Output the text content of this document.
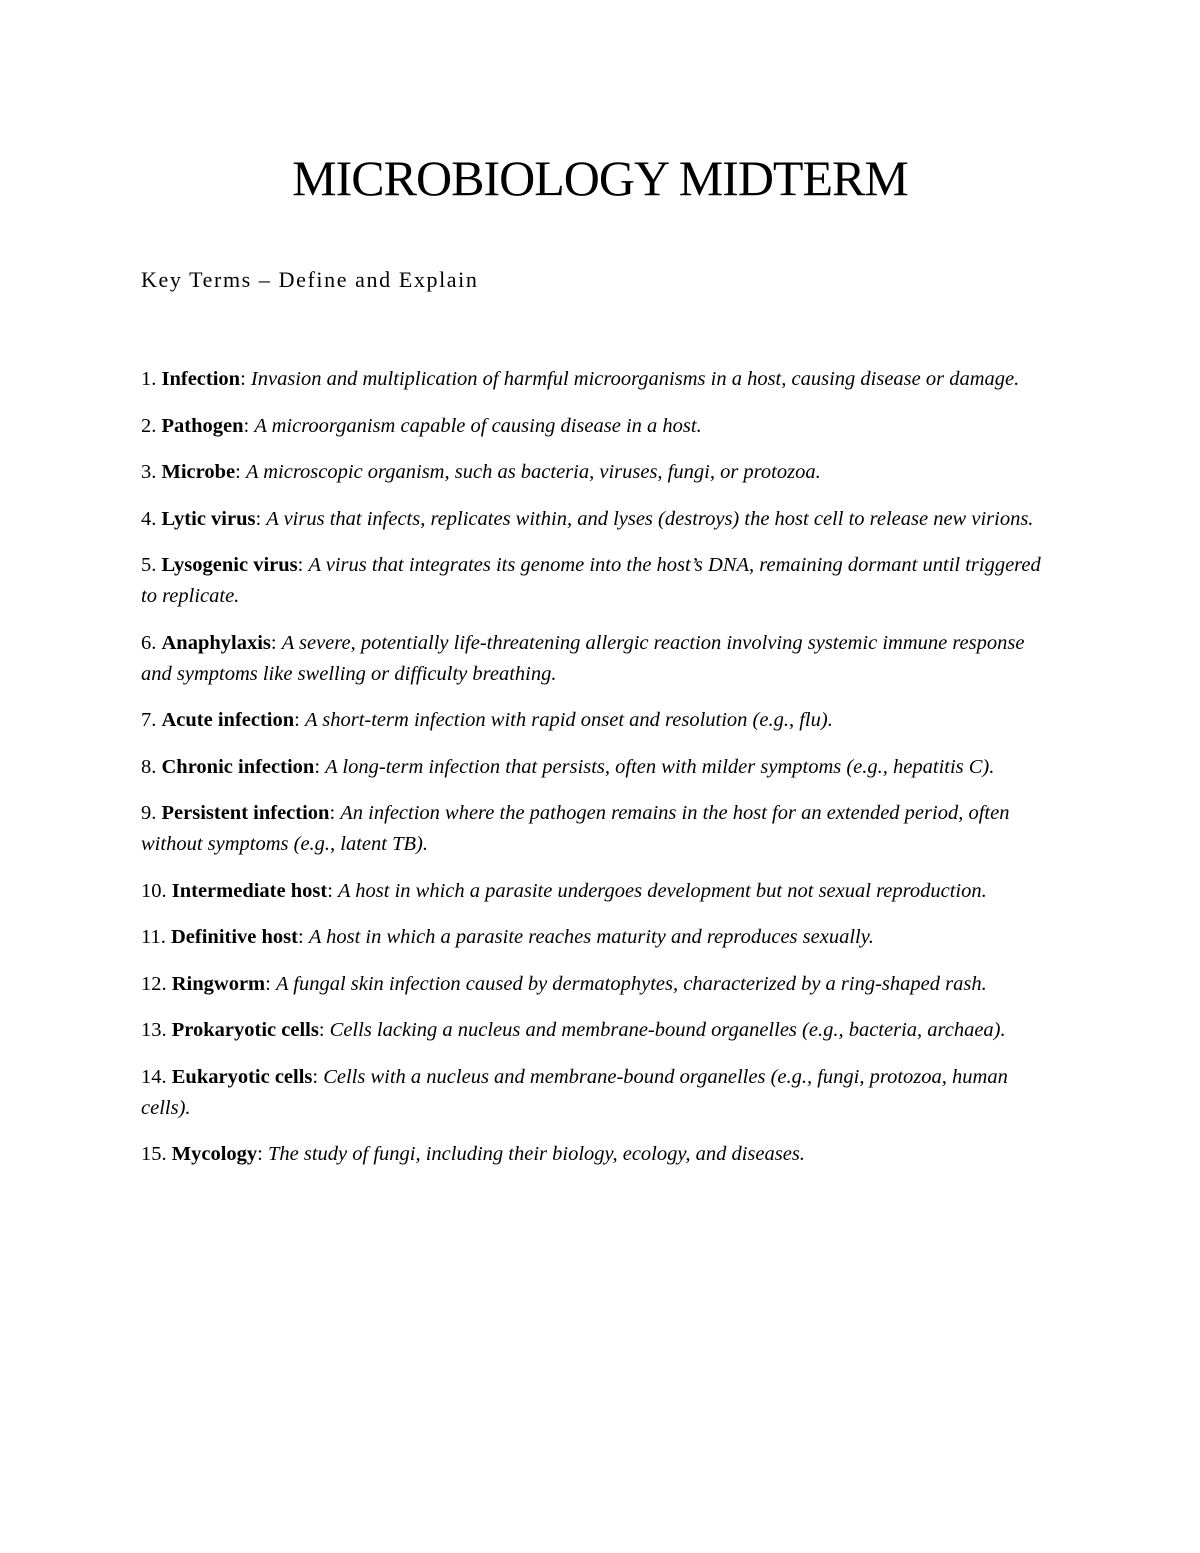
MICROBIOLOGY MIDTERM
Key Terms – Define and Explain
1. Infection: Invasion and multiplication of harmful microorganisms in a host, causing disease or damage.
2. Pathogen: A microorganism capable of causing disease in a host.
3. Microbe: A microscopic organism, such as bacteria, viruses, fungi, or protozoa.
4. Lytic virus: A virus that infects, replicates within, and lyses (destroys) the host cell to release new virions.
5. Lysogenic virus: A virus that integrates its genome into the host’s DNA, remaining dormant until triggered to replicate.
6. Anaphylaxis: A severe, potentially life-threatening allergic reaction involving systemic immune response and symptoms like swelling or difficulty breathing.
7. Acute infection: A short-term infection with rapid onset and resolution (e.g., flu).
8. Chronic infection: A long-term infection that persists, often with milder symptoms (e.g., hepatitis C).
9. Persistent infection: An infection where the pathogen remains in the host for an extended period, often without symptoms (e.g., latent TB).
10. Intermediate host: A host in which a parasite undergoes development but not sexual reproduction.
11. Definitive host: A host in which a parasite reaches maturity and reproduces sexually.
12. Ringworm: A fungal skin infection caused by dermatophytes, characterized by a ring-shaped rash.
13. Prokaryotic cells: Cells lacking a nucleus and membrane-bound organelles (e.g., bacteria, archaea).
14. Eukaryotic cells: Cells with a nucleus and membrane-bound organelles (e.g., fungi, protozoa, human cells).
15. Mycology: The study of fungi, including their biology, ecology, and diseases.
